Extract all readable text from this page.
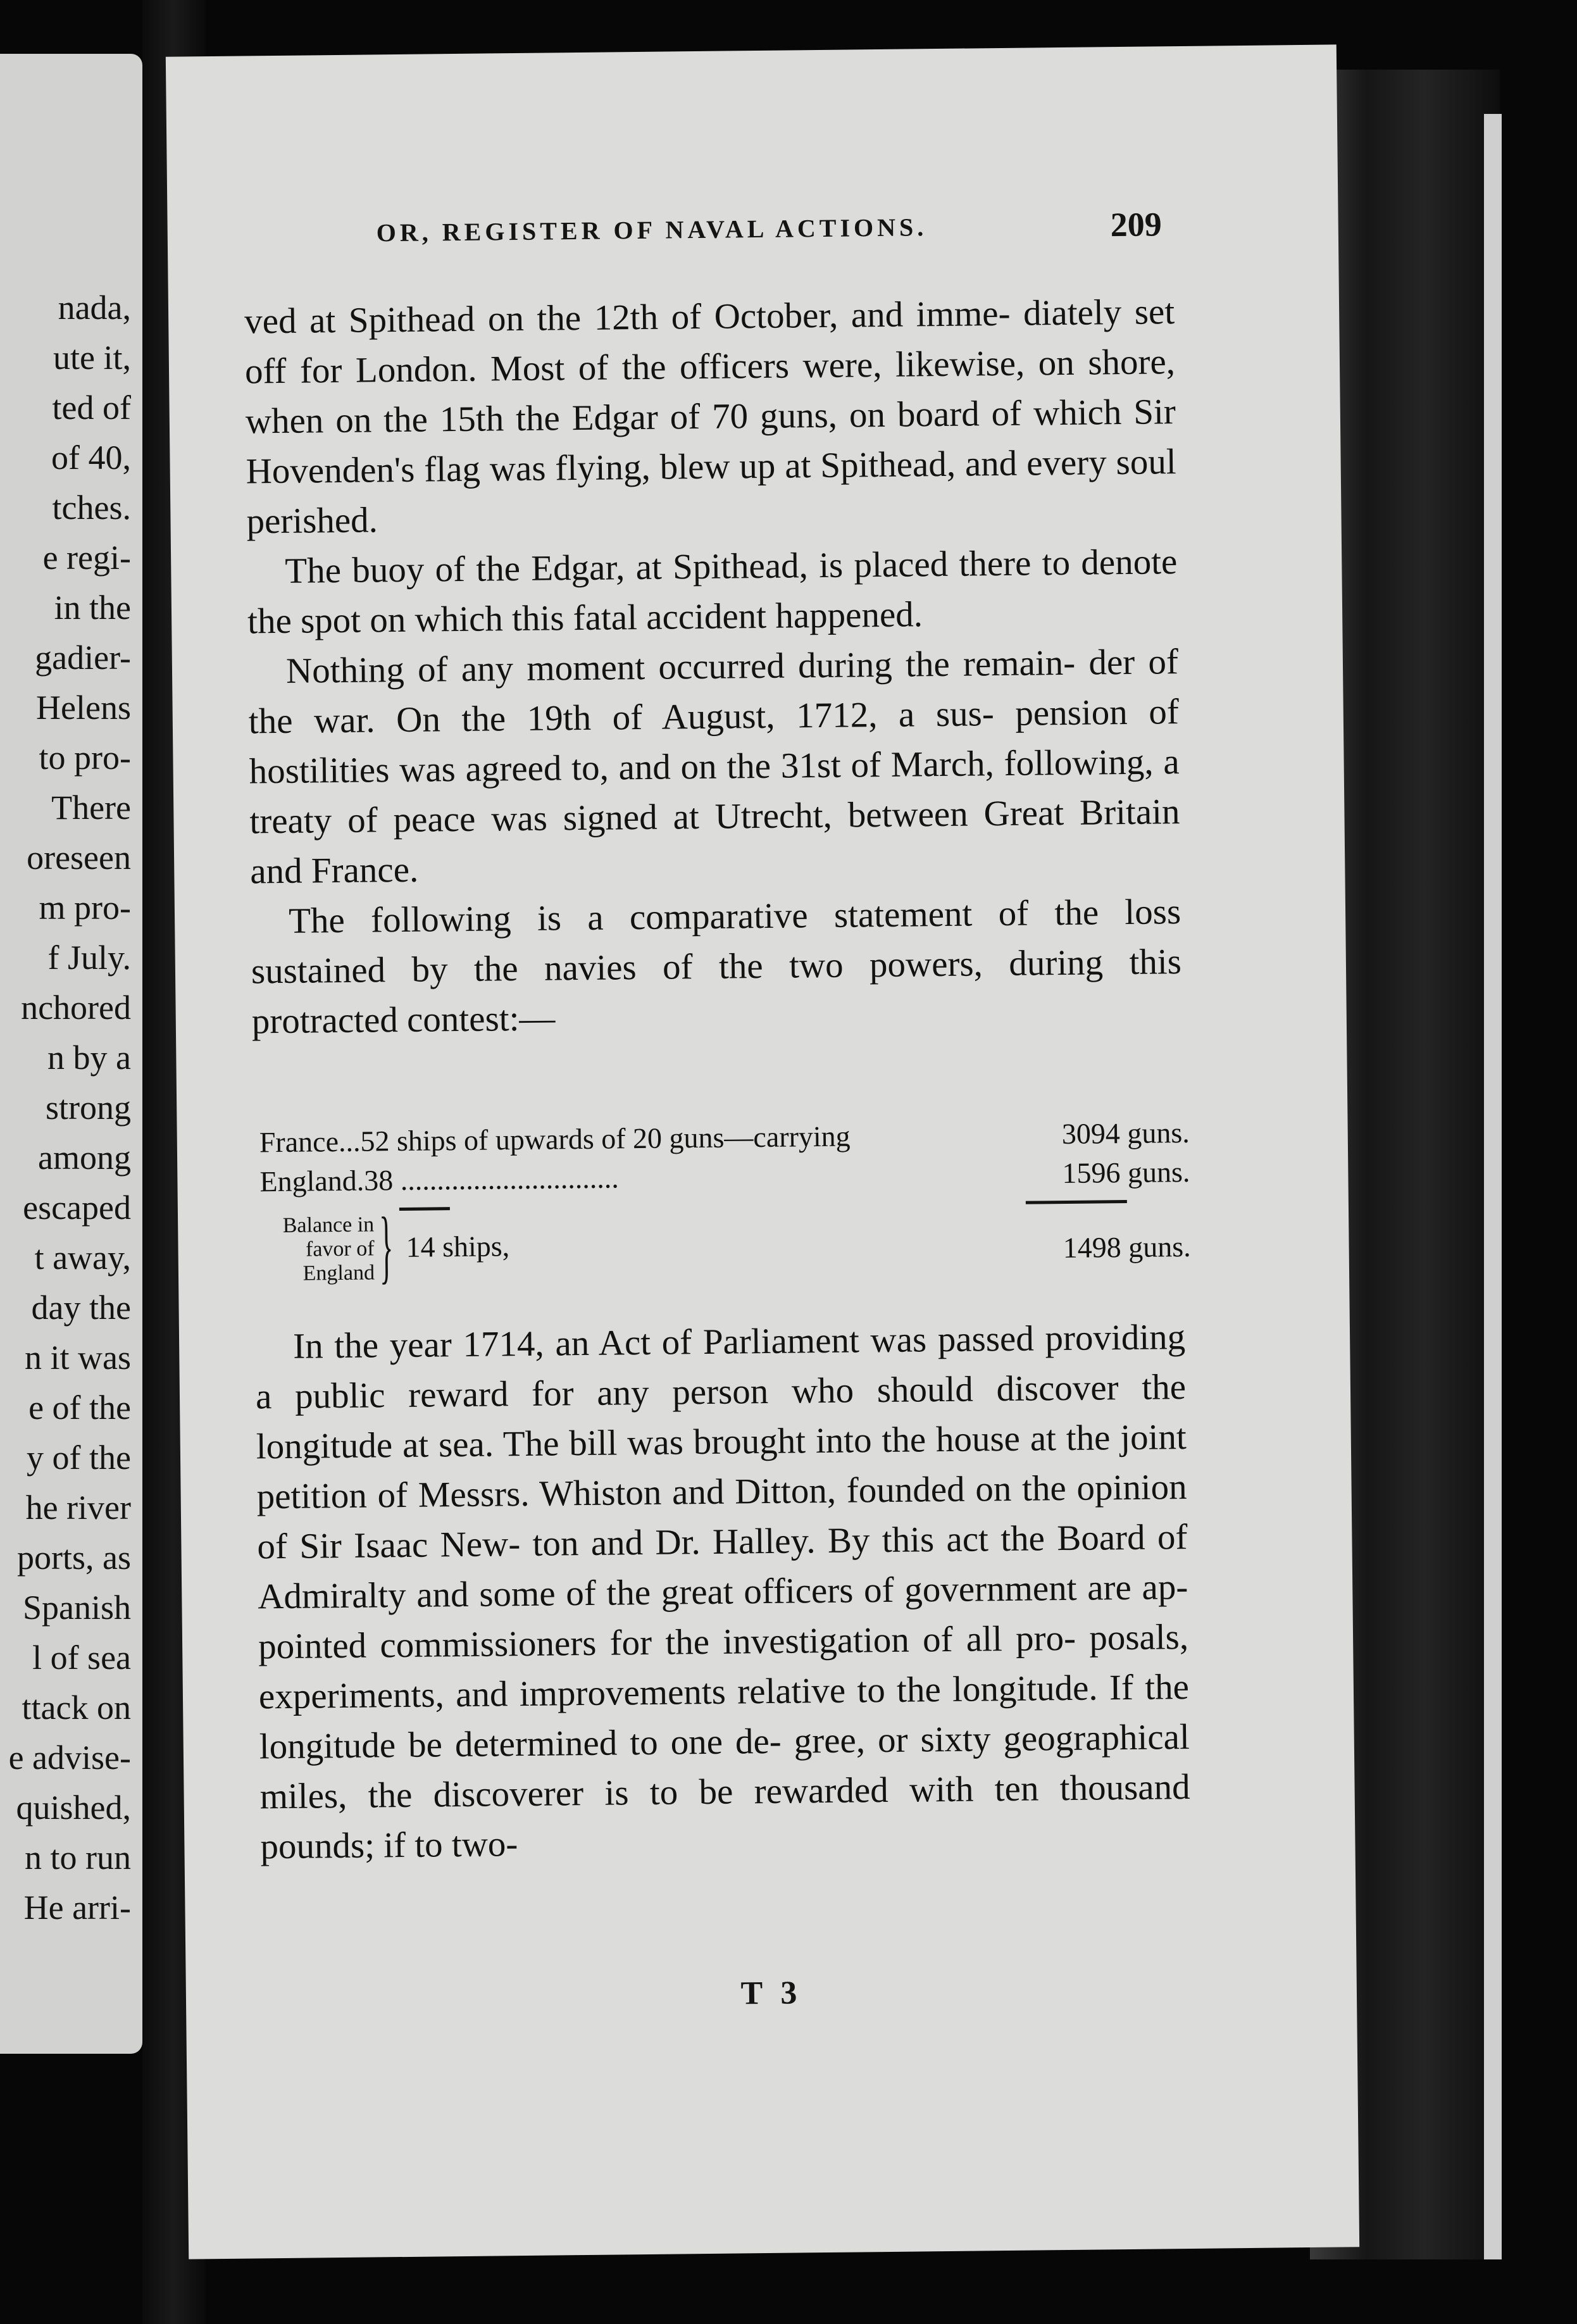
nada,
ute it,
ted of
of 40,
tches.
e regi-
in the
gadier-
Helens
to pro-
There
oreseen
m pro-
f July.
nchored
n by a
strong
among
escaped
t away,
day the
n it was
e of the
y of the
he river
ports, as
Spanish
l of sea
ttack on
e advise-
quished,
n to run
He arri-
OR, REGISTER OF NAVAL ACTIONS.	209

ved at Spithead on the 12th of October, and imme- diately set off for London. Most of the officers were, likewise, on shore, when on the 15th the Edgar of 70 guns, on board of which Sir Hovenden's flag was flying, blew up at Spithead, and every soul perished.

The buoy of the Edgar, at Spithead, is placed there to denote the spot on which this fatal accident happened.

Nothing of any moment occurred during the remain- der of the war. On the 19th of August, 1712, a sus- pension of hostilities was agreed to, and on the 31st of March, following, a treaty of peace was signed at Utrecht, between Great Britain and France.

The following is a comparative statement of the loss sustained by the navies of the two powers, during this protracted contest:—

France...52 ships of upwards of 20 guns—carrying	3094 guns.
England.38 ..............................	1596 guns.
Balance in favor of England } 14 ships,	1498 guns.

In the year 1714, an Act of Parliament was passed providing a public reward for any person who should discover the longitude at sea. The bill was brought into the house at the joint petition of Messrs. Whiston and Ditton, founded on the opinion of Sir Isaac New- ton and Dr. Halley. By this act the Board of Admiralty and some of the great officers of government are ap- pointed commissioners for the investigation of all pro- posals, experiments, and improvements relative to the longitude. If the longitude be determined to one de- gree, or sixty geographical miles, the discoverer is to be rewarded with ten thousand pounds; if to two-

T 3
